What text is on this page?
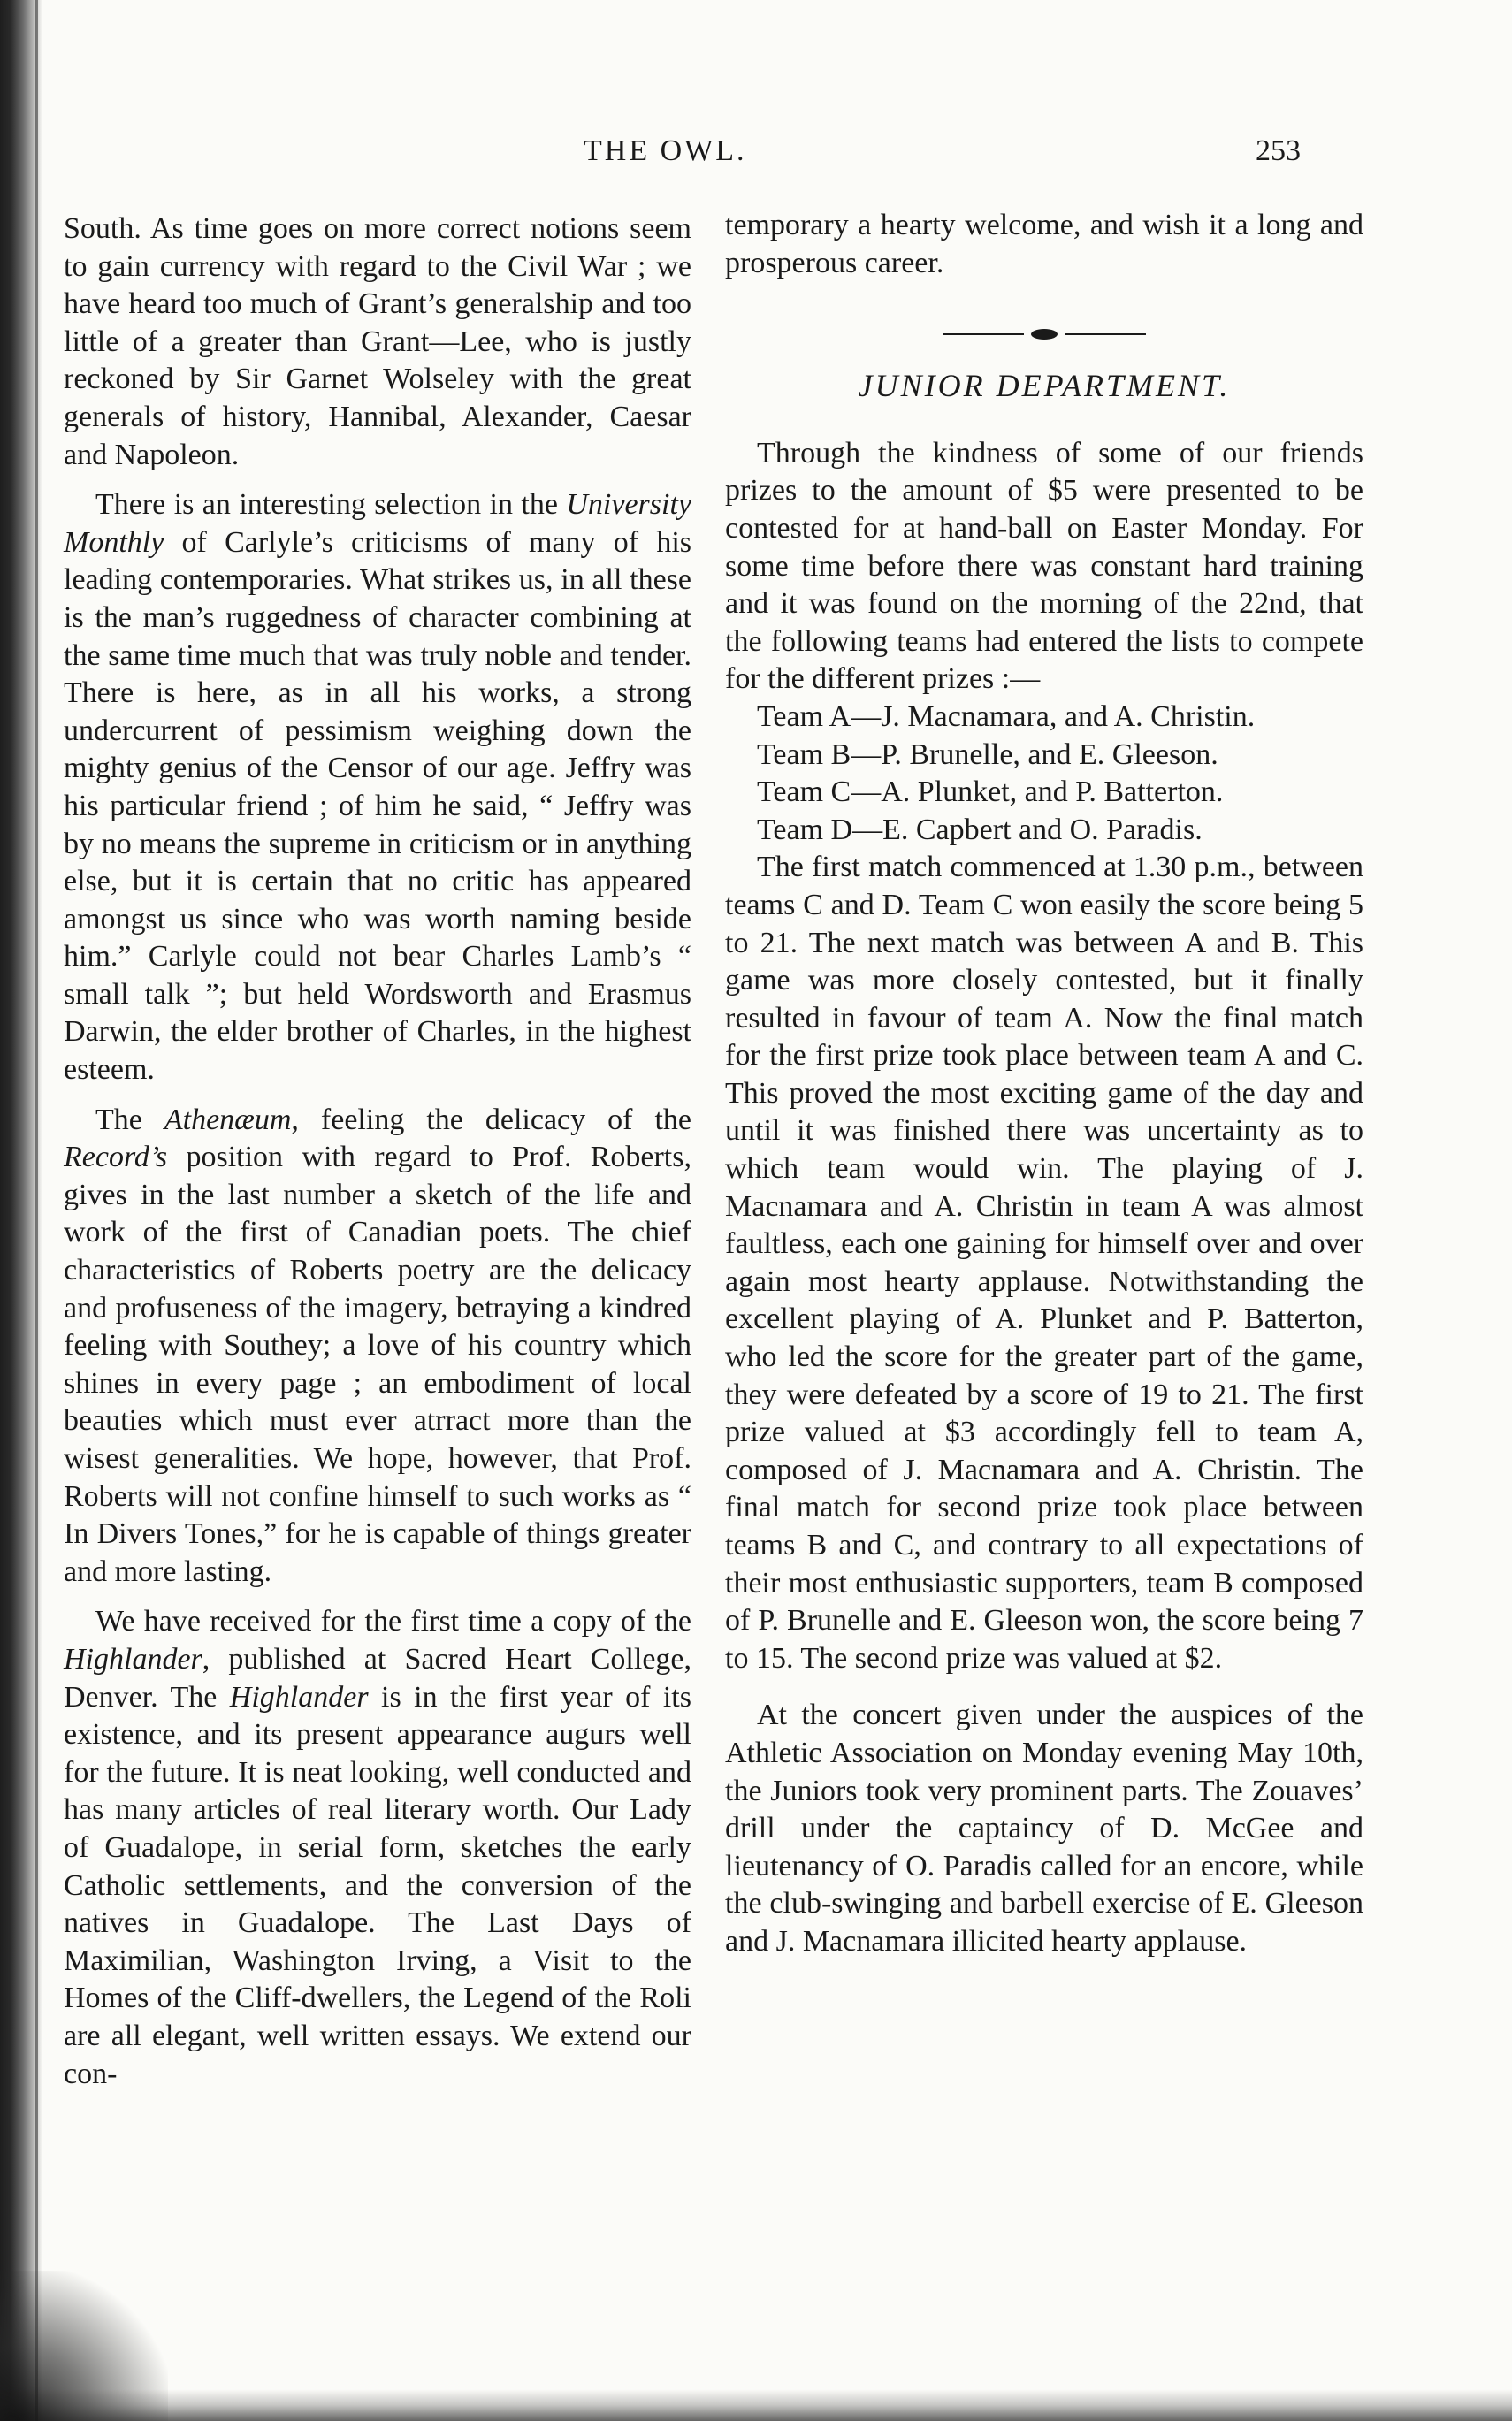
THE OWL.	253

South. As time goes on more correct notions seem to gain currency with regard to the Civil War ; we have heard too much of Grant’s generalship and too little of a greater than Grant—Lee, who is justly reckoned by Sir Garnet Wolseley with the great generals of history, Hannibal, Alexander, Caesar and Napoleon.

There is an interesting selection in the University Monthly of Carlyle’s criticisms of many of his leading contemporaries. What strikes us, in all these is the man’s ruggedness of character combining at the same time much that was truly noble and tender. There is here, as in all his works, a strong undercurrent of pessimism weighing down the mighty genius of the Censor of our age. Jeffry was his particular friend ; of him he said, “ Jeffry was by no means the supreme in criticism or in anything else, but it is certain that no critic has appeared amongst us since who was worth naming beside him.” Carlyle could not bear Charles Lamb’s “ small talk ”; but held Wordsworth and Erasmus Darwin, the elder brother of Charles, in the highest esteem.

The Athenæum, feeling the delicacy of the Record’s position with regard to Prof. Roberts, gives in the last number a sketch of the life and work of the first of Canadian poets. The chief characteristics of Roberts poetry are the delicacy and profuseness of the imagery, betraying a kindred feeling with Southey; a love of his country which shines in every page ; an embodiment of local beauties which must ever atrract more than the wisest generalities. We hope, however, that Prof. Roberts will not confine himself to such works as “ In Divers Tones,” for he is capable of things greater and more lasting.

We have received for the first time a copy of the Highlander, published at Sacred Heart College, Denver. The Highlander is in the first year of its existence, and its present appearance augurs well for the future. It is neat looking, well conducted and has many articles of real literary worth. Our Lady of Guadalope, in serial form, sketches the early Catholic settlements, and the conversion of the natives in Guadalope. The Last Days of Maximilian, Washington Irving, a Visit to the Homes of the Cliff-dwellers, the Legend of the Roli are all elegant, well written essays. We extend our con-

temporary a hearty welcome, and wish it a long and prosperous career.

JUNIOR DEPARTMENT.

Through the kindness of some of our friends prizes to the amount of $5 were presented to be contested for at hand-ball on Easter Monday. For some time before there was constant hard training and it was found on the morning of the 22nd, that the following teams had entered the lists to compete for the different prizes :—

Team A—J. Macnamara, and A. Christin.

Team B—P. Brunelle, and E. Gleeson.

Team C—A. Plunket, and P. Batterton.

Team D—E. Capbert and O. Paradis.

The first match commenced at 1.30 p.m., between teams C and D. Team C won easily the score being 5 to 21. The next match was between A and B. This game was more closely contested, but it finally resulted in favour of team A. Now the final match for the first prize took place between team A and C. This proved the most exciting game of the day and until it was finished there was uncertainty as to which team would win. The playing of J. Macnamara and A. Christin in team A was almost faultless, each one gaining for himself over and over again most hearty applause. Notwithstanding the excellent playing of A. Plunket and P. Batterton, who led the score for the greater part of the game, they were defeated by a score of 19 to 21. The first prize valued at $3 accordingly fell to team A, composed of J. Macnamara and A. Christin. The final match for second prize took place between teams B and C, and contrary to all expectations of their most enthusiastic supporters, team B composed of P. Brunelle and E. Gleeson won, the score being 7 to 15. The second prize was valued at $2.

At the concert given under the auspices of the Athletic Association on Monday evening May 10th, the Juniors took very prominent parts. The Zouaves’ drill under the captaincy of D. McGee and lieutenancy of O. Paradis called for an encore, while the club-swinging and barbell exercise of E. Gleeson and J. Macnamara illicited hearty applause.
